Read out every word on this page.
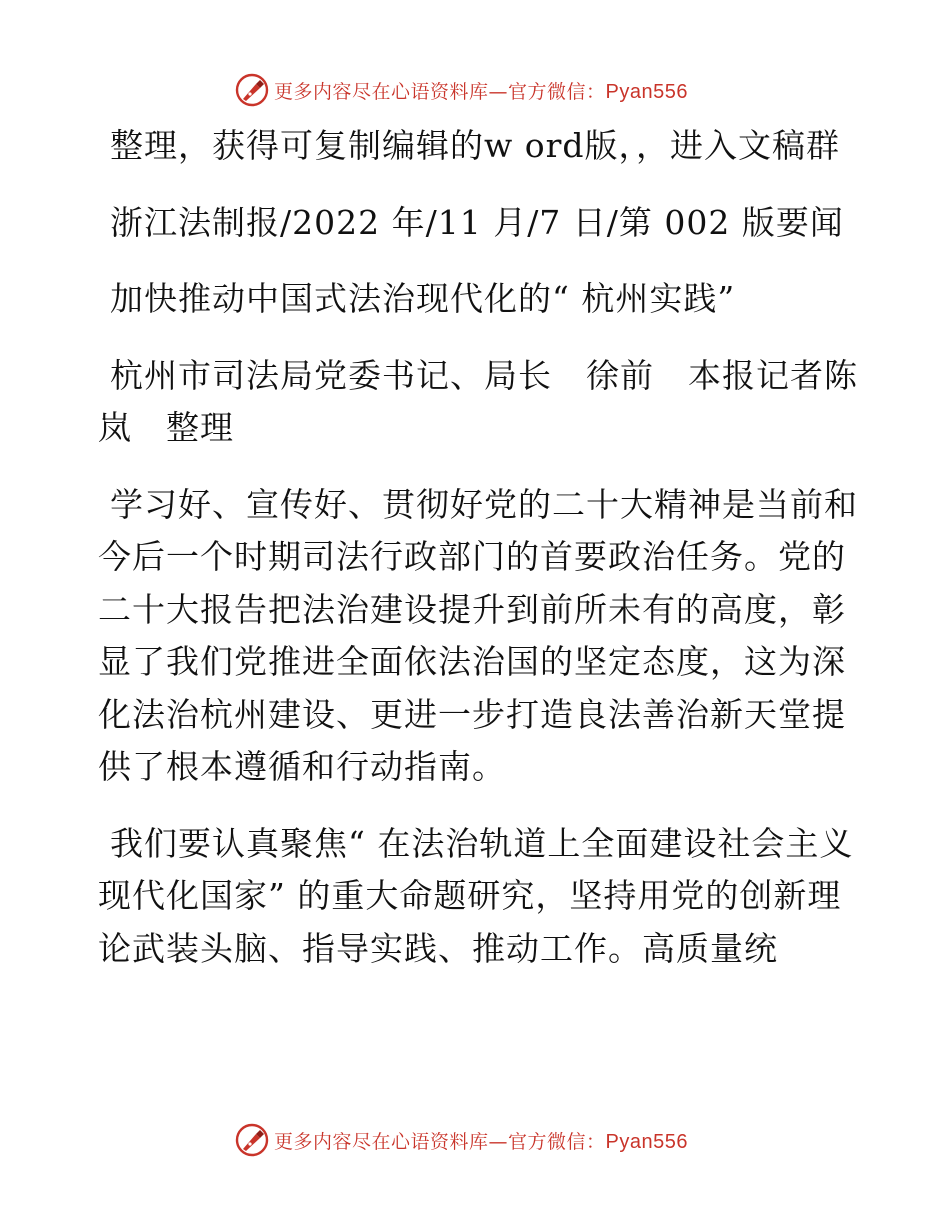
更多内容尽在心语资料库—官方微信：Pyan556

整理，获得可复制编辑的w ord版，，进入文稿群

浙江法制报/2022 年/11 月/7 日/第 002 版要闻

加快推动中国式法治现代化的“ 杭州实践”

杭州市司法局党委书记、局长　徐前　本报记者陈岚　整理

学习好、宣传好、贯彻好党的二十大精神是当前和今后一个时期司法行政部门的首要政治任务。党的二十大报告把法治建设提升到前所未有的高度，彰显了我们党推进全面依法治国的坚定态度，这为深化法治杭州建设、更进一步打造良法善治新天堂提供了根本遵循和行动指南。

我们要认真聚焦“ 在法治轨道上全面建设社会主义现代化国家” 的重大命题研究，坚持用党的创新理论武装头脑、指导实践、推动工作。高质量统

更多内容尽在心语资料库—官方微信：Pyan556
